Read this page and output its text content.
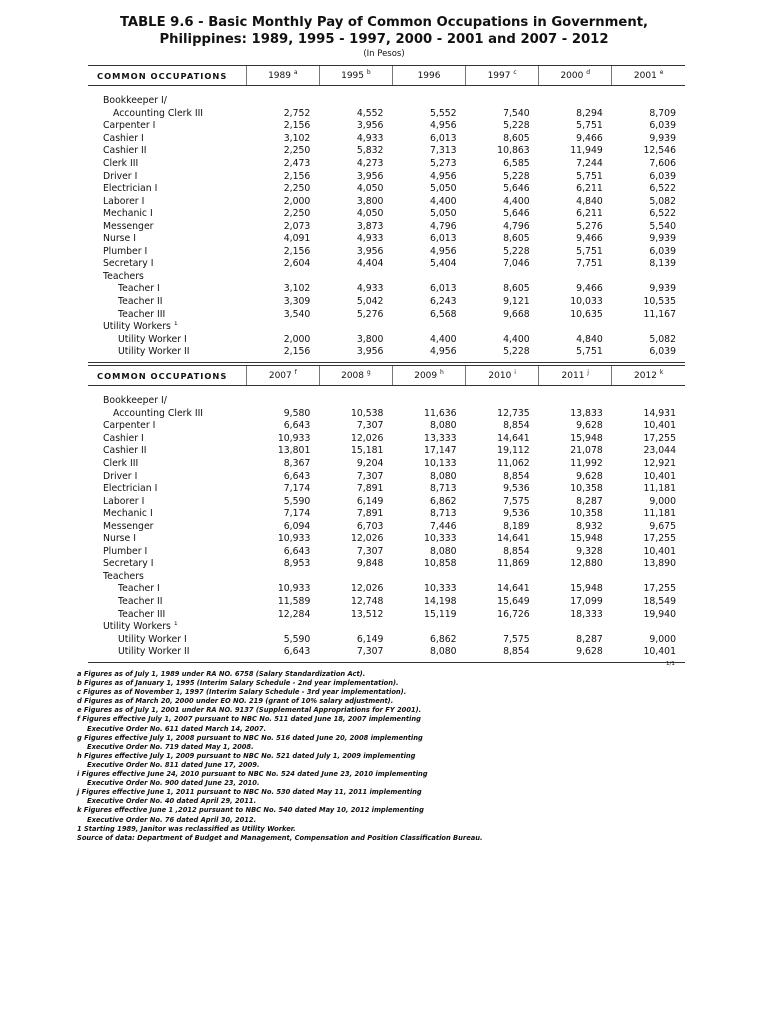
TABLE 9.6 - Basic Monthly Pay of Common Occupations in Government,
Philippines: 1989, 1995 - 1997, 2000 - 2001 and 2007 - 2012
(In Pesos)
COMMON OCCUPATIONS	1989 $^a$	1995 $^b$	1996	1997 $^c$	2000 $^d$	2001 $^e$

Bookkeeper I/						
Accounting Clerk III	2,752	4,552	5,552	7,540	8,294	8,709
Carpenter I	2,156	3,956	4,956	5,228	5,751	6,039
Cashier I	3,102	4,933	6,013	8,605	9,466	9,939
Cashier II	2,250	5,832	7,313	10,863	11,949	12,546
Clerk III	2,473	4,273	5,273	6,585	7,244	7,606
Driver I	2,156	3,956	4,956	5,228	5,751	6,039
Electrician I	2,250	4,050	5,050	5,646	6,211	6,522
Laborer I	2,000	3,800	4,400	4,400	4,840	5,082
Mechanic I	2,250	4,050	5,050	5,646	6,211	6,522
Messenger	2,073	3,873	4,796	4,796	5,276	5,540
Nurse I	4,091	4,933	6,013	8,605	9,466	9,939
Plumber I	2,156	3,956	4,956	5,228	5,751	6,039
Secretary I	2,604	4,404	5,404	7,046	7,751	8,139
Teachers						
Teacher I	3,102	4,933	6,013	8,605	9,466	9,939
Teacher II	3,309	5,042	6,243	9,121	10,033	10,535
Teacher III	3,540	5,276	6,568	9,668	10,635	11,167
Utility Workers $^1$						
Utility Worker I	2,000	3,800	4,400	4,400	4,840	5,082
Utility Worker II	2,156	3,956	4,956	5,228	5,751	6,039

COMMON OCCUPATIONS	2007 $^f$	2008 $^g$	2009 $^h$	2010 $^i$	2011 $^j$	2012 $^k$

Bookkeeper I/						
Accounting Clerk III	9,580	10,538	11,636	12,735	13,833	14,931
Carpenter I	6,643	7,307	8,080	8,854	9,628	10,401
Cashier I	10,933	12,026	13,333	14,641	15,948	17,255
Cashier II	13,801	15,181	17,147	19,112	21,078	23,044
Clerk III	8,367	9,204	10,133	11,062	11,992	12,921
Driver I	6,643	7,307	8,080	8,854	9,628	10,401
Electrician I	7,174	7,891	8,713	9,536	10,358	11,181
Laborer I	5,590	6,149	6,862	7,575	8,287	9,000
Mechanic I	7,174	7,891	8,713	9,536	10,358	11,181
Messenger	6,094	6,703	7,446	8,189	8,932	9,675
Nurse I	10,933	12,026	10,333	14,641	15,948	17,255
Plumber I	6,643	7,307	8,080	8,854	9,328	10,401
Secretary I	8,953	9,848	10,858	11,869	12,880	13,890
Teachers						
Teacher I	10,933	12,026	10,333	14,641	15,948	17,255
Teacher II	11,589	12,748	14,198	15,649	17,099	18,549
Teacher III	12,284	13,512	15,119	16,726	18,333	19,940
Utility Workers $^1$						
Utility Worker I	5,590	6,149	6,862	7,575	8,287	9,000
Utility Worker II	6,643	7,307	8,080	8,854	9,628	10,401

1/1
a Figures as of July 1, 1989 under RA NO. 6758 (Salary Standardization Act).
b Figures as of January 1, 1995 (Interim Salary Schedule - 2nd year implementation).
c Figures as of November 1, 1997 (Interim Salary Schedule - 3rd year implementation).
d Figures as of March 20, 2000 under EO NO. 219 (grant of 10% salary adjustment).
e Figures as of July 1, 2001 under RA NO. 9137 (Supplemental Appropriations for FY 2001).
f Figures effective July 1, 2007 pursuant to NBC No. 511 dated June 18, 2007 implementing
Executive Order No. 611 dated March 14, 2007.
g Figures effective July 1, 2008 pursuant to NBC No. 516 dated June 20, 2008 implementing
Executive Order No. 719 dated May 1, 2008.
h Figures effective July 1, 2009 pursuant to NBC No. 521 dated July 1, 2009 implementing
Executive Order No. 811 dated June 17, 2009.
i Figures effective June 24, 2010 pursuant to NBC No. 524 dated June 23, 2010 implementing
Executive Order No. 900 dated June 23, 2010.
j Figures effective June 1, 2011 pursuant to NBC No. 530 dated May 11, 2011 implementing
Executive Order No. 40 dated April 29, 2011.
k Figures effective June 1 ,2012 pursuant to NBC No. 540 dated May 10, 2012 implementing
Executive Order No. 76 dated April 30, 2012.
1 Starting 1989, Janitor was reclassified as Utility Worker.
Source of data: Department of Budget and Management, Compensation and Position Classification Bureau.
